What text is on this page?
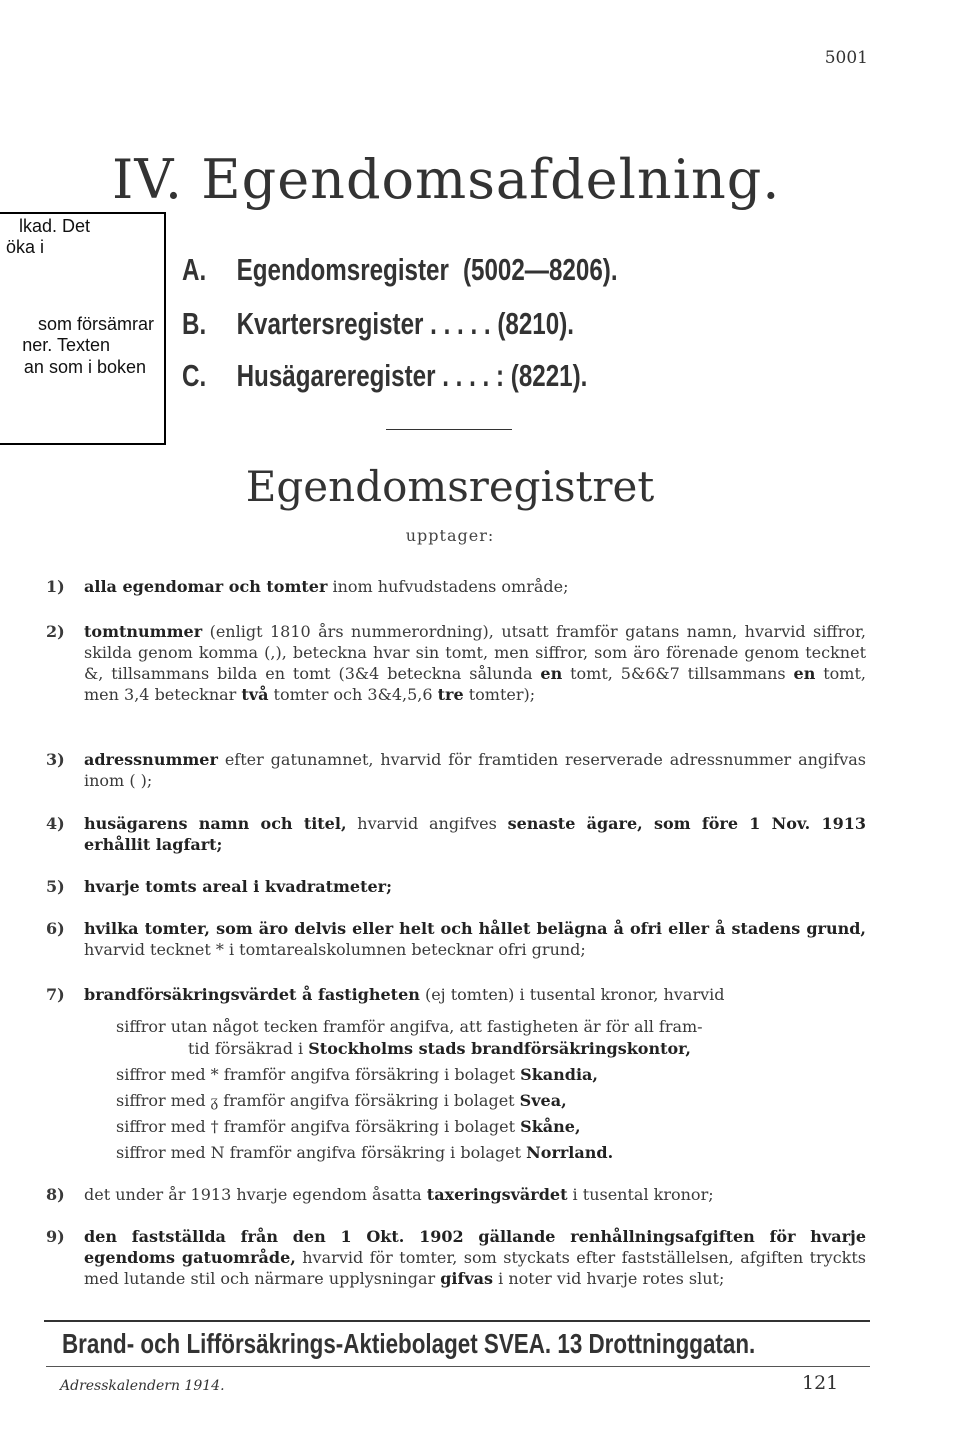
5001
lkad. Det
öka i
som försämrar
ner. Texten
an som i boken
IV. Egendomsafdelning.
A. Egendomsregister (5002—8206).
B. Kvartersregister . . . . . (8210).
C. Husägareregister . . . . : (8221).
Egendomsregistret
upptager:
1)	alla egendomar och tomter inom hufvudstadens område;
2)	tomtnummer (enligt 1810 års nummerordning), utsatt framför gatans namn, hvarvid siffror, skilda genom komma (,), beteckna hvar sin tomt, men siffror, som äro förenade genom tecknet &, tillsammans bilda en tomt (3&4 beteckna sålunda en tomt, 5&6&7 tillsammans en tomt, men 3,4 betecknar två tomter och 3&4,5,6 tre tomter);
3)	adressnummer efter gatunamnet, hvarvid för framtiden reserverade adressnummer angifvas inom ( );
4)	husägarens namn och titel, hvarvid angifves senaste ägare, som före 1 Nov. 1913 erhållit lagfart;
5)	hvarje tomts areal i kvadratmeter;
6)	hvilka tomter, som äro delvis eller helt och hållet belägna å ofri eller å stadens grund, hvarvid tecknet * i tomtarealskolumnen betecknar ofri grund;
7)	brandförsäkringsvärdet å fastigheten (ej tomten) i tusental kronor, hvarvid
siffror utan något tecken framför angifva, att fastigheten är för all fram-
tid försäkrad i Stockholms stads brandförsäkringskontor,
siffror med * framför angifva försäkring i bolaget Skandia,
siffror med ᵹ framför angifva försäkring i bolaget Svea,
siffror med † framför angifva försäkring i bolaget Skåne,
siffror med N framför angifva försäkring i bolaget Norrland.
8)	det under år 1913 hvarje egendom åsatta taxeringsvärdet i tusental kronor;
9)	den fastställda från den 1 Okt. 1902 gällande renhållningsafgiften för hvarje egendoms gatuområde, hvarvid för tomter, som styckats efter fastställelsen, afgiften tryckts med lutande stil och närmare upplysningar gifvas i noter vid hvarje rotes slut;
Brand- och Lifförsäkrings-Aktiebolaget SVEA. 13 Drottninggatan.
Adresskalendern 1914.	121
